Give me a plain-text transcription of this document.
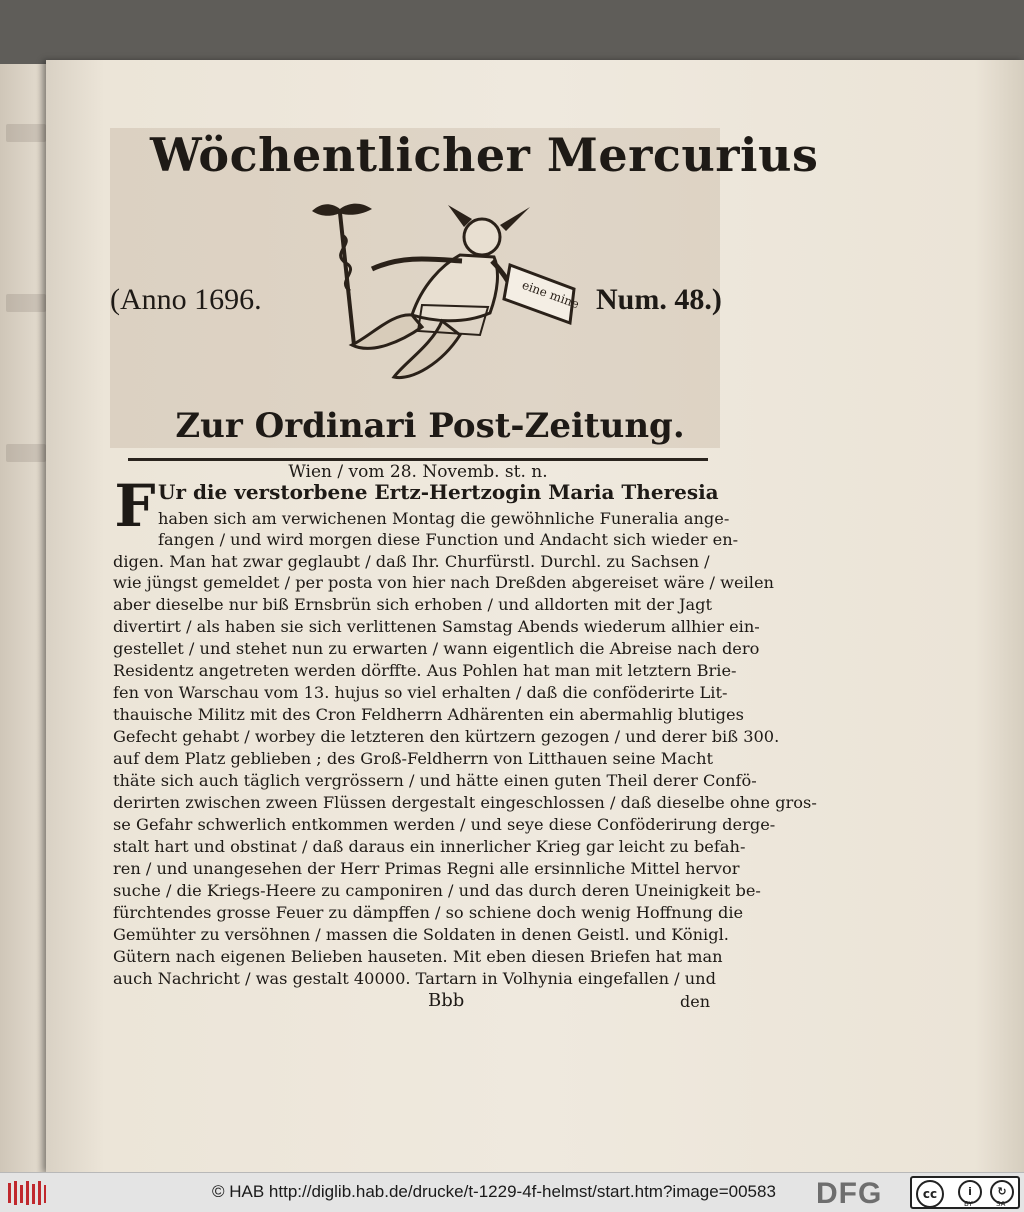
Wöchentlicher Mercurius
(Anno 1696.	Num. 48.)
eine mine
Zur Ordinari Post-Zeitung.
Wien / vom 28. Novemb. st. n.
F Ur die verstorbene Ertz-Hertzogin Maria Theresia
haben sich am verwichenen Montag die gewöhnliche Funeralia ange-
fangen / und wird morgen diese Function und Andacht sich wieder en-
digen. Man hat zwar geglaubt / daß Ihr. Churfürstl. Durchl. zu Sachsen /
wie jüngst gemeldet / per posta von hier nach Dreßden abgereiset wäre / weilen
aber dieselbe nur biß Ernsbrün sich erhoben / und alldorten mit der Jagt
divertirt / als haben sie sich verlittenen Samstag Abends wiederum allhier ein-
gestellet / und stehet nun zu erwarten / wann eigentlich die Abreise nach dero
Residentz angetreten werden dörffte. Aus Pohlen hat man mit letztern Brie-
fen von Warschau vom 13. hujus so viel erhalten / daß die conföderirte Lit-
thauische Militz mit des Cron Feldherrn Adhärenten ein abermahlig blutiges
Gefecht gehabt / worbey die letzteren den kürtzern gezogen / und derer biß 300.
auf dem Platz geblieben ; des Groß-Feldherrn von Litthauen seine Macht
thäte sich auch täglich vergrössern / und hätte einen guten Theil derer Confö-
derirten zwischen zween Flüssen dergestalt eingeschlossen / daß dieselbe ohne gros-
se Gefahr schwerlich entkommen werden / und seye diese Conföderirung derge-
stalt hart und obstinat / daß daraus ein innerlicher Krieg gar leicht zu befah-
ren / und unangesehen der Herr Primas Regni alle ersinnliche Mittel hervor
suche / die Kriegs-Heere zu camponiren / und das durch deren Uneinigkeit be-
fürchtendes grosse Feuer zu dämpffen / so schiene doch wenig Hoffnung die
Gemühter zu versöhnen / massen die Soldaten in denen Geistl. und Königl.
Gütern nach eigenen Belieben hauseten. Mit eben diesen Briefen hat man
auch Nachricht / was gestalt 40000. Tartarn in Volhynia eingefallen / und
Bbb	den
© HAB http://diglib.hab.de/drucke/t-1229-4f-helmst/start.htm?image=00583 DFG	cc	i	↻
BY	SA
